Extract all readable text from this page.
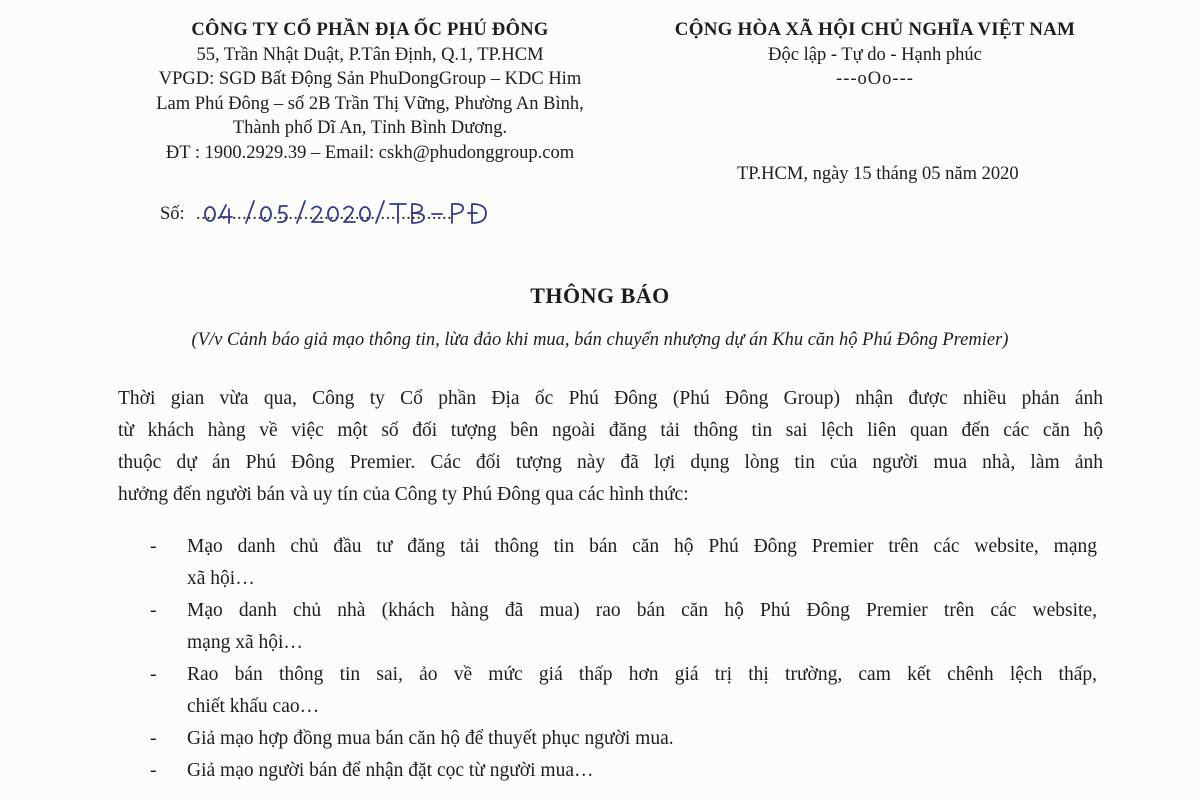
CÔNG TY CỔ PHẦN ĐỊA ỐC PHÚ ĐÔNG
55, Trần Nhật Duật, P.Tân Định, Q.1, TP.HCM
VPGD: SGD Bất Động Sản PhuDongGroup – KDC Him
Lam Phú Đông – số 2B Trần Thị Vững, Phường An Bình,
Thành phố Dĩ An, Tỉnh Bình Dương.
ĐT : 1900.2929.39 – Email: cskh@phudonggroup.com
CỘNG HÒA XÃ HỘI CHỦ NGHĨA VIỆT NAM
Độc lập - Tự do - Hạnh phúc
---oOo---
TP.HCM, ngày 15 tháng 05 năm 2020
Số: ..................................................
THÔNG BÁO
(V/v Cảnh báo giả mạo thông tin, lừa đảo khi mua, bán chuyển nhượng dự án Khu căn hộ Phú Đông Premier)
Thời gian vừa qua, Công ty Cổ phần Địa ốc Phú Đông (Phú Đông Group) nhận được nhiều phản ánh
từ khách hàng về việc một số đối tượng bên ngoài đăng tải thông tin sai lệch liên quan đến các căn hộ
thuộc dự án Phú Đông Premier. Các đối tượng này đã lợi dụng lòng tin của người mua nhà, làm ảnh
hưởng đến người bán và uy tín của Công ty Phú Đông qua các hình thức:
- Mạo danh chủ đầu tư đăng tải thông tin bán căn hộ Phú Đông Premier trên các website, mạng
xã hội…
- Mạo danh chủ nhà (khách hàng đã mua) rao bán căn hộ Phú Đông Premier trên các website,
mạng xã hội…
- Rao bán thông tin sai, ảo về mức giá thấp hơn giá trị thị trường, cam kết chênh lệch thấp,
chiết khấu cao…
- Giả mạo hợp đồng mua bán căn hộ để thuyết phục người mua.
- Giả mạo người bán để nhận đặt cọc từ người mua…
